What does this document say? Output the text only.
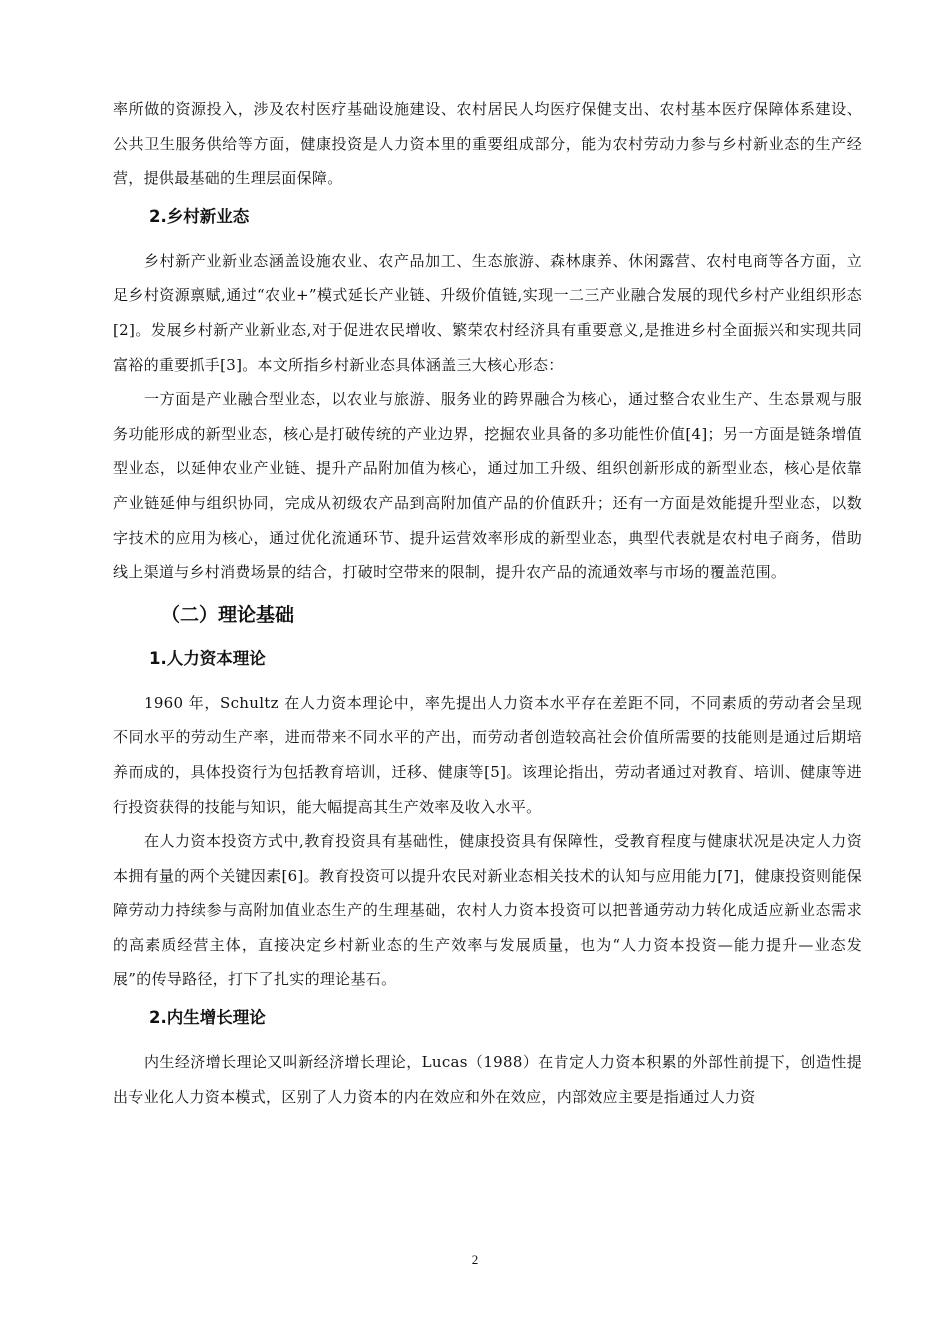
率所做的资源投入，涉及农村医疗基础设施建设、农村居民人均医疗保健支出、农村基本医疗保障体系建设、公共卫生服务供给等方面，健康投资是人力资本里的重要组成部分，能为农村劳动力参与乡村新业态的生产经营，提供最基础的生理层面保障。

2.乡村新业态

乡村新产业新业态涵盖设施农业、农产品加工、生态旅游、森林康养、休闲露营、农村电商等各方面，立足乡村资源禀赋,通过“农业+”模式延长产业链、升级价值链,实现一二三产业融合发展的现代乡村产业组织形态[2]。发展乡村新产业新业态,对于促进农民增收、繁荣农村经济具有重要意义,是推进乡村全面振兴和实现共同富裕的重要抓手[3]。本文所指乡村新业态具体涵盖三大核心形态：

一方面是产业融合型业态，以农业与旅游、服务业的跨界融合为核心，通过整合农业生产、生态景观与服务功能形成的新型业态，核心是打破传统的产业边界，挖掘农业具备的多功能性价值[4]；另一方面是链条增值型业态，以延伸农业产业链、提升产品附加值为核心，通过加工升级、组织创新形成的新型业态，核心是依靠产业链延伸与组织协同，完成从初级农产品到高附加值产品的价值跃升；还有一方面是效能提升型业态，以数字技术的应用为核心，通过优化流通环节、提升运营效率形成的新型业态，典型代表就是农村电子商务，借助线上渠道与乡村消费场景的结合，打破时空带来的限制，提升农产品的流通效率与市场的覆盖范围。

（二）理论基础
1.人力资本理论

1960 年，Schultz 在人力资本理论中，率先提出人力资本水平存在差距不同，不同素质的劳动者会呈现不同水平的劳动生产率，进而带来不同水平的产出，而劳动者创造较高社会价值所需要的技能则是通过后期培养而成的，具体投资行为包括教育培训，迁移、健康等[5]。该理论指出，劳动者通过对教育、培训、健康等进行投资获得的技能与知识，能大幅提高其生产效率及收入水平。

在人力资本投资方式中,教育投资具有基础性，健康投资具有保障性，受教育程度与健康状况是决定人力资本拥有量的两个关键因素[6]。教育投资可以提升农民对新业态相关技术的认知与应用能力[7]，健康投资则能保障劳动力持续参与高附加值业态生产的生理基础，农村人力资本投资可以把普通劳动力转化成适应新业态需求的高素质经营主体，直接决定乡村新业态的生产效率与发展质量，也为“人力资本投资—能力提升—业态发展”的传导路径，打下了扎实的理论基石。

2.内生增长理论

内生经济增长理论又叫新经济增长理论，Lucas（1988）在肯定人力资本积累的外部性前提下，创造性提出专业化人力资本模式，区别了人力资本的内在效应和外在效应，内部效应主要是指通过人力资

2
